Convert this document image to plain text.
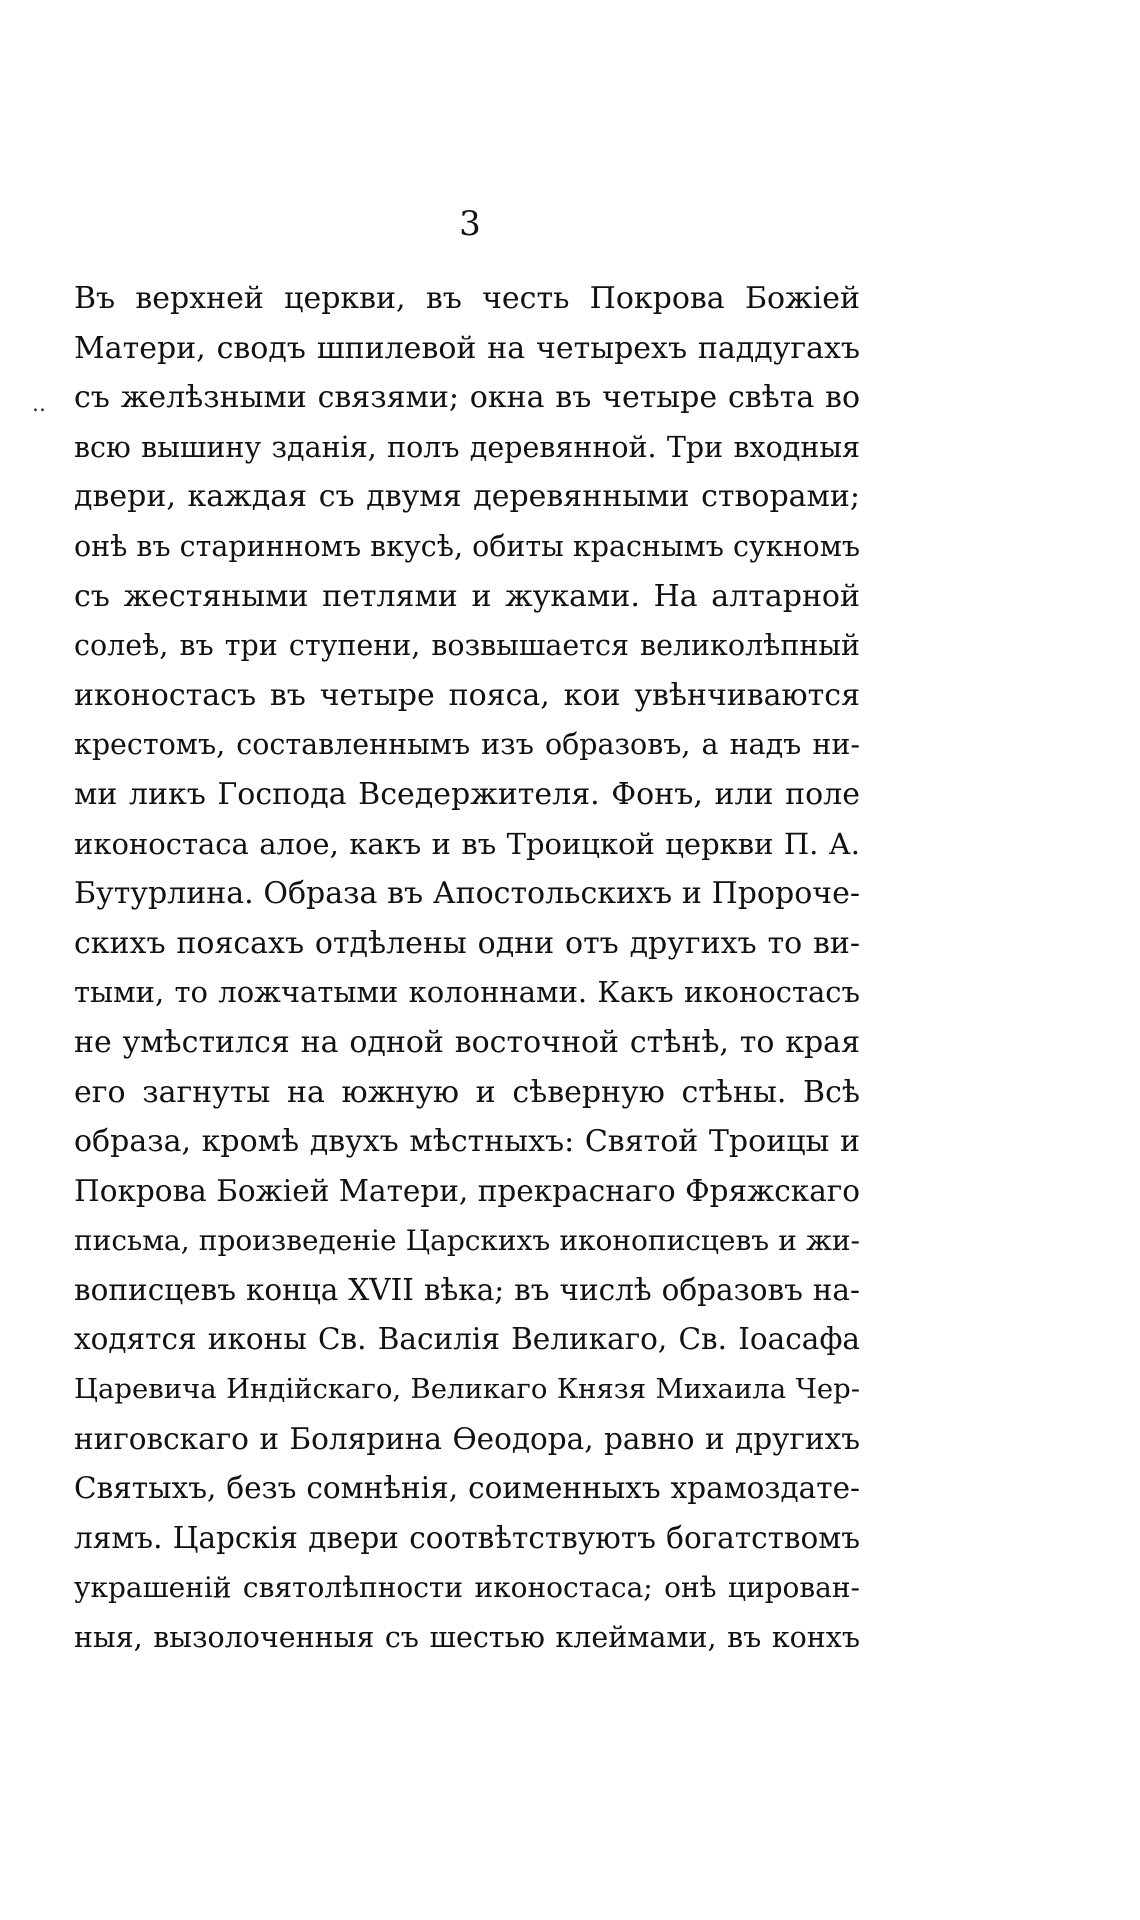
3
..
Въ верхней церкви, въ честь Покрова Божіей
Матери, сводъ шпилевой на четырехъ паддугахъ
съ желѣзными связями; окна въ четыре свѣта во
всю вышину зданія, полъ деревянной. Три входныя
двери, каждая съ двумя деревянными створами;
онѣ въ старинномъ вкусѣ, обиты краснымъ сукномъ
съ жестяными петлями и жуками. На алтарной
солеѣ, въ три ступени, возвышается великолѣпный
иконостасъ въ четыре пояса, кои увѣнчиваются
крестомъ, составленнымъ изъ образовъ, а надъ ни-
ми ликъ Господа Вседержителя. Фонъ, или поле
иконостаса алое, какъ и въ Троицкой церкви П. А.
Бутурлина. Образа въ Апостольскихъ и Пророче-
скихъ поясахъ отдѣлены одни отъ другихъ то ви-
тыми, то ложчатыми колоннами. Какъ иконостасъ
не умѣстился на одной восточной стѣнѣ, то края
его загнуты на южную и сѣверную стѣны. Всѣ
образа, кромѣ двухъ мѣстныхъ: Святой Троицы и
Покрова Божіей Матери, прекраснаго Фряжскаго
письма, произведеніе Царскихъ иконописцевъ и жи-
вописцевъ конца XVII вѣка; въ числѣ образовъ на-
ходятся иконы Св. Василія Великаго, Св. Іоасафа
Царевича Индійскаго, Великаго Князя Михаила Чер-
ниговскаго и Болярина Ѳеодора, равно и другихъ
Святыхъ, безъ сомнѣнія, соименныхъ храмоздате-
лямъ. Царскія двери соотвѣтствуютъ богатствомъ
украшеній святолѣпности иконостаса; онѣ цирован-
ныя, вызолоченныя съ шестью клеймами, въ конхъ
